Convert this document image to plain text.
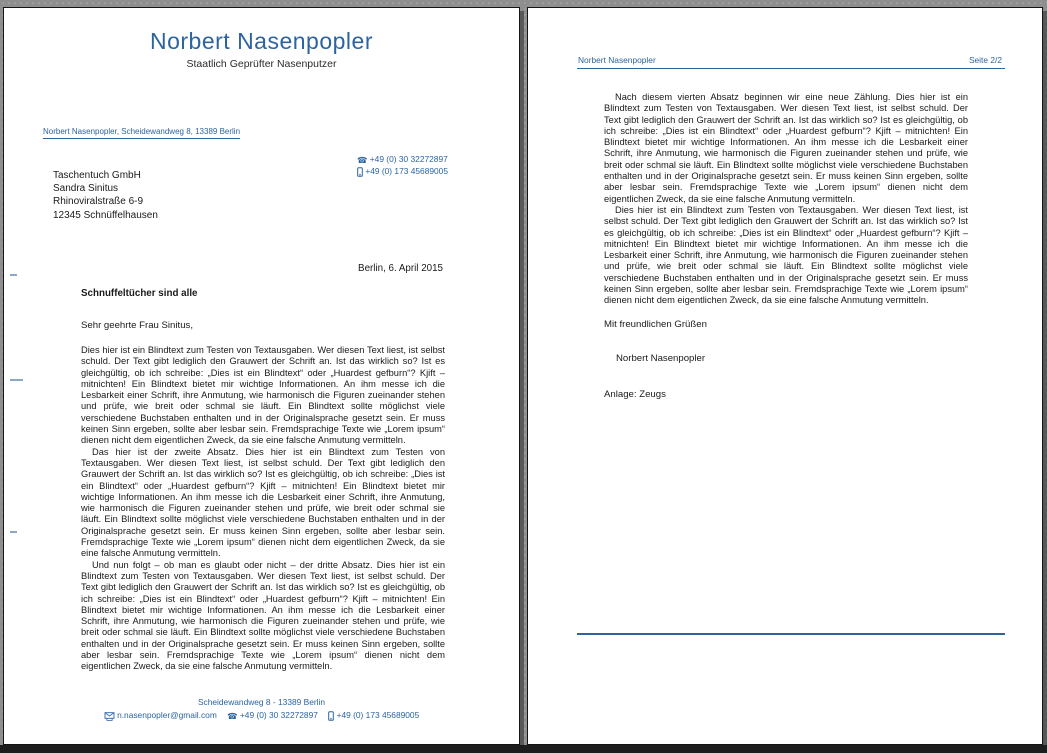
Norbert Nasenpopler
Staatlich Geprüfter Nasenputzer
Norbert Nasenpopler, Scheidewandweg 8, 13389 Berlin
☎ +49 (0) 30 32272897
+49 (0) 173 45689005
Taschentuch GmbH
Sandra Sinitus
Rhinoviralstraße 6-9
12345 Schnüffelhausen
Berlin, 6. April 2015
Schnuffeltücher sind alle
Sehr geehrte Frau Sinitus,

Dies hier ist ein Blindtext zum Testen von Textausgaben. Wer diesen Text liest, ist selbst schuld. Der Text gibt lediglich den Grauwert der Schrift an. Ist das wirklich so? Ist es gleichgültig, ob ich schreibe: „Dies ist ein Blindtext“ oder „Huardest gefburn“? Kjift – mitnichten! Ein Blindtext bietet mir wichtige Informationen. An ihm messe ich die Lesbarkeit einer Schrift, ihre Anmutung, wie harmonisch die Figuren zueinander stehen und prüfe, wie breit oder schmal sie läuft. Ein Blindtext sollte möglichst viele verschiedene Buchstaben enthalten und in der Originalsprache gesetzt sein. Er muss keinen Sinn ergeben, sollte aber lesbar sein. Fremdsprachige Texte wie „Lorem ipsum“ dienen nicht dem eigentlichen Zweck, da sie eine falsche Anmutung vermitteln.

Das hier ist der zweite Absatz. Dies hier ist ein Blindtext zum Testen von Textausgaben. Wer diesen Text liest, ist selbst schuld. Der Text gibt lediglich den Grauwert der Schrift an. Ist das wirklich so? Ist es gleichgültig, ob ich schreibe: „Dies ist ein Blindtext“ oder „Huardest gefburn“? Kjift – mitnichten! Ein Blindtext bietet mir wichtige Informationen. An ihm messe ich die Lesbarkeit einer Schrift, ihre Anmutung, wie harmonisch die Figuren zueinander stehen und prüfe, wie breit oder schmal sie läuft. Ein Blindtext sollte möglichst viele verschiedene Buchstaben enthalten und in der Originalsprache gesetzt sein. Er muss keinen Sinn ergeben, sollte aber lesbar sein. Fremdsprachige Texte wie „Lorem ipsum“ dienen nicht dem eigentlichen Zweck, da sie eine falsche Anmutung vermitteln.

Und nun folgt – ob man es glaubt oder nicht – der dritte Absatz. Dies hier ist ein Blindtext zum Testen von Textausgaben. Wer diesen Text liest, ist selbst schuld. Der Text gibt lediglich den Grauwert der Schrift an. Ist das wirklich so? Ist es gleichgültig, ob ich schreibe: „Dies ist ein Blindtext“ oder „Huardest gefburn“? Kjift – mitnichten! Ein Blindtext bietet mir wichtige Informationen. An ihm messe ich die Lesbarkeit einer Schrift, ihre Anmutung, wie harmonisch die Figuren zueinander stehen und prüfe, wie breit oder schmal sie läuft. Ein Blindtext sollte möglichst viele verschiedene Buchstaben enthalten und in der Originalsprache gesetzt sein. Er muss keinen Sinn ergeben, sollte aber lesbar sein. Fremdsprachige Texte wie „Lorem ipsum“ dienen nicht dem eigentlichen Zweck, da sie eine falsche Anmutung vermitteln.

Scheidewandweg 8 - 13389 Berlin
n.nasenpopler@gmail.com ☎ +49 (0) 30 32272897 +49 (0) 173 45689005
Norbert Nasenpopler	Seite 2/2

Nach diesem vierten Absatz beginnen wir eine neue Zählung. Dies hier ist ein Blindtext zum Testen von Textausgaben. Wer diesen Text liest, ist selbst schuld. Der Text gibt lediglich den Grauwert der Schrift an. Ist das wirklich so? Ist es gleichgültig, ob ich schreibe: „Dies ist ein Blindtext“ oder „Huardest gefburn“? Kjift – mitnichten! Ein Blindtext bietet mir wichtige Informationen. An ihm messe ich die Lesbarkeit einer Schrift, ihre Anmutung, wie harmonisch die Figuren zueinander stehen und prüfe, wie breit oder schmal sie läuft. Ein Blindtext sollte möglichst viele verschiedene Buchstaben enthalten und in der Originalsprache gesetzt sein. Er muss keinen Sinn ergeben, sollte aber lesbar sein. Fremdsprachige Texte wie „Lorem ipsum“ dienen nicht dem eigentlichen Zweck, da sie eine falsche Anmutung vermitteln.

Dies hier ist ein Blindtext zum Testen von Textausgaben. Wer diesen Text liest, ist selbst schuld. Der Text gibt lediglich den Grauwert der Schrift an. Ist das wirklich so? Ist es gleichgültig, ob ich schreibe: „Dies ist ein Blindtext“ oder „Huardest gefburn“? Kjift – mitnichten! Ein Blindtext bietet mir wichtige Informationen. An ihm messe ich die Lesbarkeit einer Schrift, ihre Anmutung, wie harmonisch die Figuren zueinander stehen und prüfe, wie breit oder schmal sie läuft. Ein Blindtext sollte möglichst viele verschiedene Buchstaben enthalten und in der Originalsprache gesetzt sein. Er muss keinen Sinn ergeben, sollte aber lesbar sein. Fremdsprachige Texte wie „Lorem ipsum“ dienen nicht dem eigentlichen Zweck, da sie eine falsche Anmutung vermitteln.

Mit freundlichen Grüßen
Norbert Nasenpopler
Anlage: Zeugs
